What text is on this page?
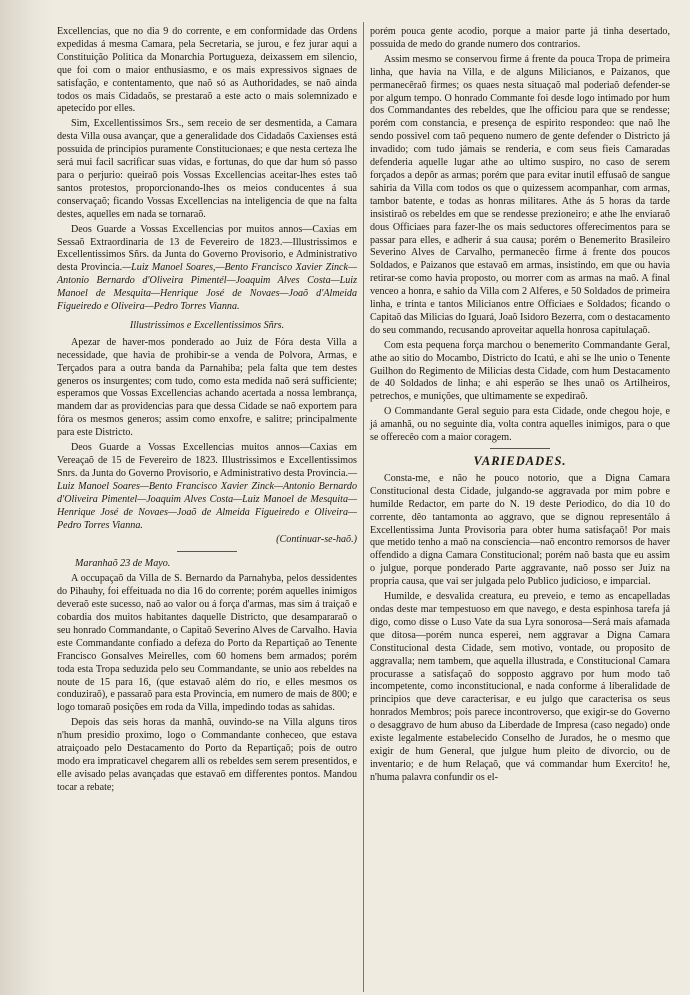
Excellencias, que no dia 9 do corrente, e em conformidade das Ordens expedidas á mesma Camara, pela Secretaria, se jurou, e fez jurar aqui a Constituição Politica da Monarchia Portugueza, deixassem em silencio, que foi com o maior enthusiasmo, e os mais expressivos signaes de satisfação, e contentamento, que naõ só as Authoridades, se naõ ainda todos os mais Cidadaõs, se prestaraõ a este acto o mais solemnizado e apetecido por elles.

Sim, Excellentissimos Srs., sem receio de ser desmentida, a Camara desta Villa ousa avançar, que a generalidade dos Cidadaõs Caxienses está possuida de principios puramente Constitucionaes; e que nesta certeza lhe será mui facil sacrificar suas vidas, e fortunas, do que dar hum só passo para o perjurio: queiraõ pois Vossas Excellencias aceitar-lhes estes taõ santos protestos, proporcionando-lhes os meios conducentes á sua conservaçaõ; ficando Vossas Excellencias na inteligencia de que na falta destes, aquelles em nada se tornaraõ.

Deos Guarde a Vossas Excellencias por muitos annos—Caxias em Sessaõ Extraordinaria de 13 de Fevereiro de 1823.—Illustrissimos e Excellentissimos Sñrs. da Junta do Governo Provisorio, e Administrativo desta Provincia.—Luiz Manoel Soares,—Bento Francisco Xavier Zinck—Antonio Bernardo d'Oliveira Pimentél—Joaquim Alves Costa—Luiz Manoel de Mesquita—Henrique José de Novaes—Joaõ d'Almeida Figueiredo e Oliveira—Pedro Torres Vianna.

Illustrissimos e Excellentissimos Sñrs.

Apezar de haver-mos ponderado ao Juiz de Fóra desta Villa a necessidade, que havia de prohibir-se a venda de Polvora, Armas, e Terçados para a outra banda da Parnahiba; pela falta que tem destes generos os insurgentes; com tudo, como esta medida naõ será sufficiente; esperamos que Vossas Excellencias achando acertada a nossa lembrança, mandem dar as providencias para que dessa Cidade se naõ exportem para fóra os mesmos generos; assim como enxofre, e salitre; principalmente para este Districto.

Deos Guarde a Vossas Excellencias muitos annos—Caxias em Vereaçaõ de 15 de Fevereiro de 1823. Illustrissimos e Excellentissimos Snrs. da Junta do Governo Provisorio, e Administrativo desta Provincia.—Luiz Manoel Soares—Bento Francisco Xavier Zinck—Antonio Bernardo d'Oliveira Pimentel—Joaquim Alves Costa—Luiz Manoel de Mesquita—Henrique José de Novaes—Joaõ de Almeida Figueiredo e Oliveira—Pedro Torres Vianna.

(Continuar-se-haõ.)

Maranhaõ 23 de Mayo.

A occupaçaõ da Villa de S. Bernardo da Parnahyba, pelos dessidentes do Pihauhy, foi effeituada no dia 16 do corrente; porém aquelles inimigos deveraõ este sucesso, naõ ao valor ou á força d'armas, mas sim á traiçaõ e cobardia dos muitos habitantes daquelle Districto, que desampararaõ o seu honrado Commandante, o Capitaõ Severino Alves de Carvalho. Havia este Commandante confiado a defeza do Porto da Repartiçaõ ao Tenente Francisco Gonsalves Meirelles, com 60 homens bem armados; porém toda esta Tropa seduzida pelo seu Commandante, se unio aos rebeldes na noute de 15 para 16, (que estavaõ além do rio, e elles mesmos os conduziraõ), e passaraõ para esta Provincia, em numero de mais de 800; e logo tomaraõ posições em roda da Villa, impedindo todas as sahidas.

Depois das seis horas da manhã, ouvindo-se na Villa alguns tiros n'hum presidio proximo, logo o Commandante conheceo, que estava atraiçoado pelo Destacamento do Porto da Repartiçaõ; pois de outro modo era impraticavel chegarem alli os rebeldes sem serem presentidos, e elle avisado pelas avançadas que estavaõ em differentes pontos. Mandou tocar a rebate;

porém pouca gente acodio, porque a maior parte já tinha desertado, possuida de medo do grande numero dos contrarios.

Assim mesmo se conservou firme á frente da pouca Tropa de primeira linha, que havia na Villa, e de alguns Milicianos, e Paizanos, que permanecêraõ firmes; os quaes nesta situaçaõ mal poderiaõ defender-se por algum tempo. O honrado Commante foi desde logo intimado por hum dos Commandantes des rebeldes, que lhe officiou para que se rendesse; porém com constancia, e presença de espirito respondeo: que naõ lhe sendo possivel com taõ pequeno numero de gente defender o Districto já invadido; com tudo jámais se renderia, e com seus fieis Camaradas defenderia aquelle lugar athe ao ultimo suspiro, no caso de serem forçados a depôr as armas; porém que para evitar inutil effusaõ de sangue sahiria da Villa com todos os que o quizessem acompanhar, com armas, tambor batente, e todas as honras militares. Athe ás 5 horas da tarde insistiraõ os rebeldes em que se rendesse prezioneiro; e athe lhe enviaraõ dous Officiaes para fazer-lhe os mais seductores offerecimentos para se passar para elles, e adherir á sua causa; porém o Benemerito Brasileiro Severino Alves de Carvalho, permanecêo firme á frente dos poucos Soldados, e Paizanos que estavaõ em armas, insistindo, em que ou havia retirar-se como havia proposto, ou morrer com as armas na maõ. A final venceo a honra, e sahio da Villa com 2 Alferes, e 50 Soldados de primeira linha, e trinta e tantos Milicianos entre Officiaes e Soldados; ficando o Capitaõ das Milicias do Iguará, Joaõ Isidoro Bezerra, com o destacamento do seu commando, recusando aproveitar aquella honrosa capitulaçaõ.

Com esta pequena força marchou o benemerito Commandante Geral, athe ao sitio do Mocambo, Districto do Icatú, e ahi se lhe unio o Tenente Guilhon do Regimento de Milicias desta Cidade, com hum Destacamento de 40 Soldados de linha; e ahi esperão se lhes unaõ os Artilheiros, petrechos, e munições, que ultimamente se expediraõ.

O Commandante Geral seguio para esta Cidade, onde chegou hoje, e já amanhã, ou no seguinte dia, volta contra aquelles inimigos, para o que se offerecêo com a maior coragem.

VARIEDADES.

Consta-me, e não he pouco notorio, que a Digna Camara Constitucional desta Cidade, julgando-se aggravada por mim pobre e humilde Redactor, em parte do N. 19 deste Periodico, do dia 10 do corrente, dêo tantamonta ao aggravo, que se dignou representálo á Excellentissima Junta Provisoria para obter huma satisfaçaõ! Por mais que metido tenho a maõ na consciencia—naõ encontro remorsos de haver offendido a digna Camara Constitucional; porém naõ basta que eu assim o julgue, porque ponderado Parte aggravante, naõ posso ser Juiz na propria causa, que vai ser julgada pelo Publico judicioso, e imparcial.

Humilde, e desvalida creatura, eu preveio, e temo as encapelladas ondas deste mar tempestuoso em que navego, e desta espinhosa tarefa já digo, como disse o Luso Vate da sua Lyra sonorosa—Será mais afamada que ditosa—porém nunca esperei, nem aggravar a Digna Camara Constitucional desta Cidade, sem motivo, vontade, ou proposito de aggravalla; nem tambem, que aquella illustrada, e Constitucional Camara procurasse a satisfaçaõ do sopposto aggravo por hum modo taõ incompetente, como inconstitucional, e nada conforme á liberalidade de principios que deve caracterisar, e eu julgo que caracterisa os seus honrados Membros; pois parece incontroverso, que exigir-se do Governo o desaggravo de hum abuso da Liberdade de Impresa (caso negado) onde existe legalmente estabelecido Conselho de Jurados, he o mesmo que exigir de hum General, que julgue hum pleito de divorcio, ou de inventario; e de hum Relaçaõ, que vá commandar hum Exercito! he, n'huma palavra confundir os el-
